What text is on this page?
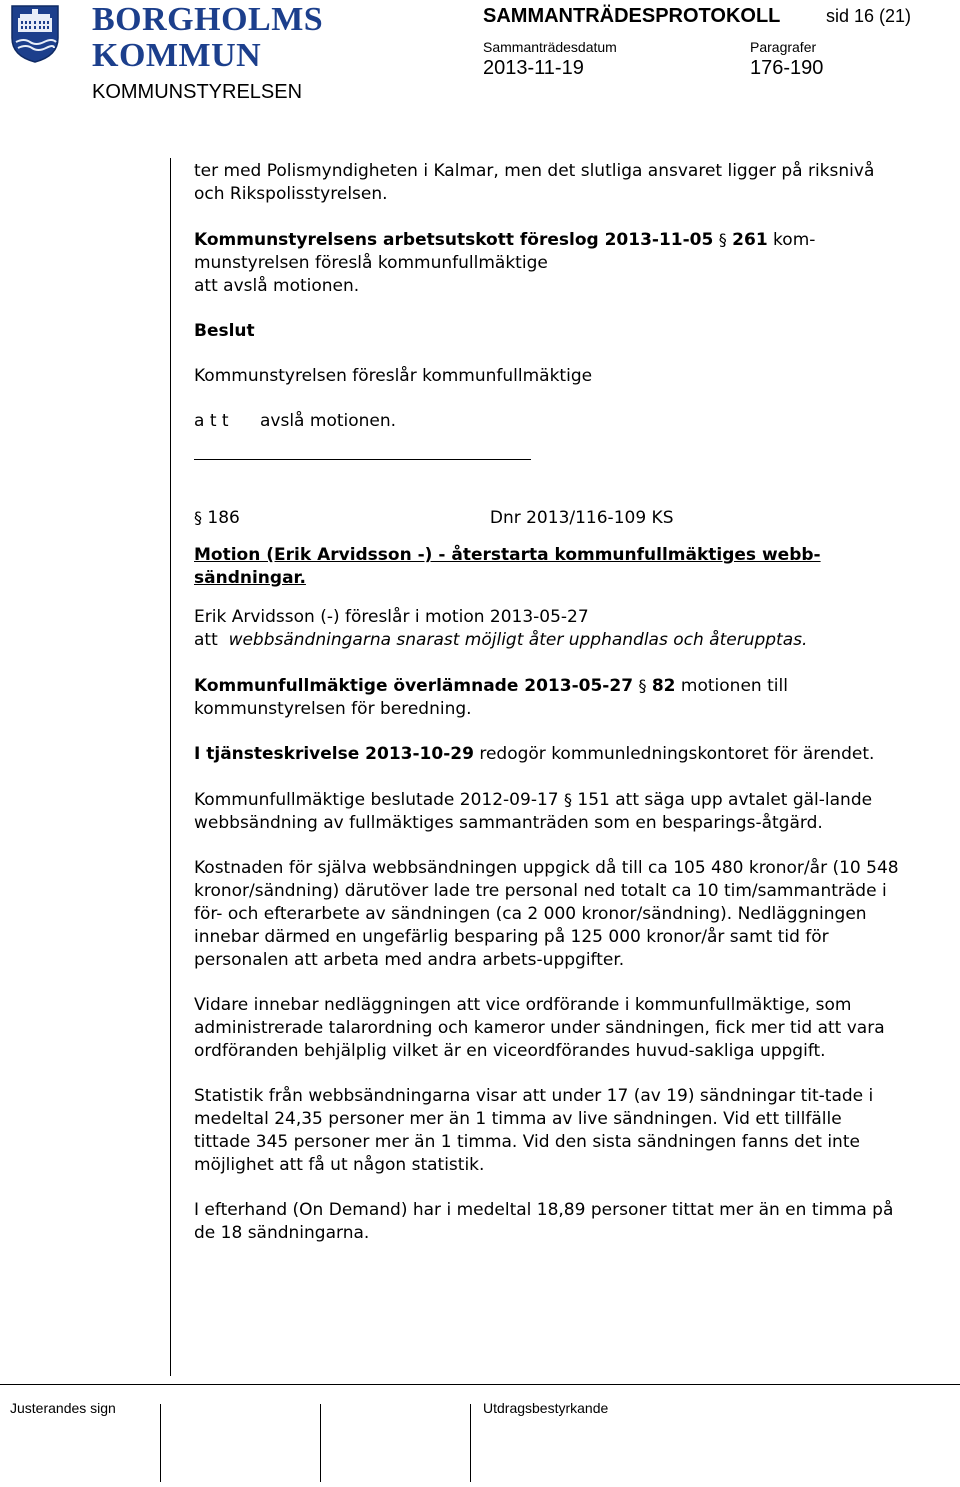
BORGHOLMS
KOMMUN
KOMMUNSTYRELSEN
SAMMANTRÄDESPROTOKOLL	sid 16 (21)
Sammanträdesdatum
2013-11-19
Paragrafer
176-190

ter med Polismyndigheten i Kalmar, men det slutliga ansvaret ligger på riksnivå och Rikspolisstyrelsen.

Kommunstyrelsens arbetsutskott föreslog 2013-11-05 § 261 kom-
munstyrelsen föreslå kommunfullmäktige
att avslå motionen.

Beslut

Kommunstyrelsen föreslår kommunfullmäktige

a t t avslå motionen.

§ 186	Dnr 2013/116-109 KS

Motion (Erik Arvidsson -) - återstarta kommunfullmäktiges webb-sändningar.

Erik Arvidsson (-) föreslår i motion 2013-05-27
att webbsändningarna snarast möjligt åter upphandlas och återupptas.

Kommunfullmäktige överlämnade 2013-05-27 § 82 motionen till kommunstyrelsen för beredning.

I tjänsteskrivelse 2013-10-29 redogör kommunledningskontoret för ärendet.

Kommunfullmäktige beslutade 2012-09-17 § 151 att säga upp avtalet gäl-lande webbsändning av fullmäktiges sammanträden som en besparings-åtgärd.

Kostnaden för själva webbsändningen uppgick då till ca 105 480 kronor/år (10 548 kronor/sändning) därutöver lade tre personal ned totalt ca 10 tim/sammanträde i för- och efterarbete av sändningen (ca 2 000 kronor/sändning). Nedläggningen innebar därmed en ungefärlig besparing på 125 000 kronor/år samt tid för personalen att arbeta med andra arbets-uppgifter.

Vidare innebar nedläggningen att vice ordförande i kommunfullmäktige, som administrerade talarordning och kameror under sändningen, fick mer tid att vara ordföranden behjälplig vilket är en viceordförandes huvud-sakliga uppgift.

Statistik från webbsändningarna visar att under 17 (av 19) sändningar tit-tade i medeltal 24,35 personer mer än 1 timma av live sändningen. Vid ett tillfälle tittade 345 personer mer än 1 timma. Vid den sista sändningen fanns det inte möjlighet att få ut någon statistik.

I efterhand (On Demand) har i medeltal 18,89 personer tittat mer än en timma på de 18 sändningarna.

Justerandes sign	Utdragsbestyrkande
